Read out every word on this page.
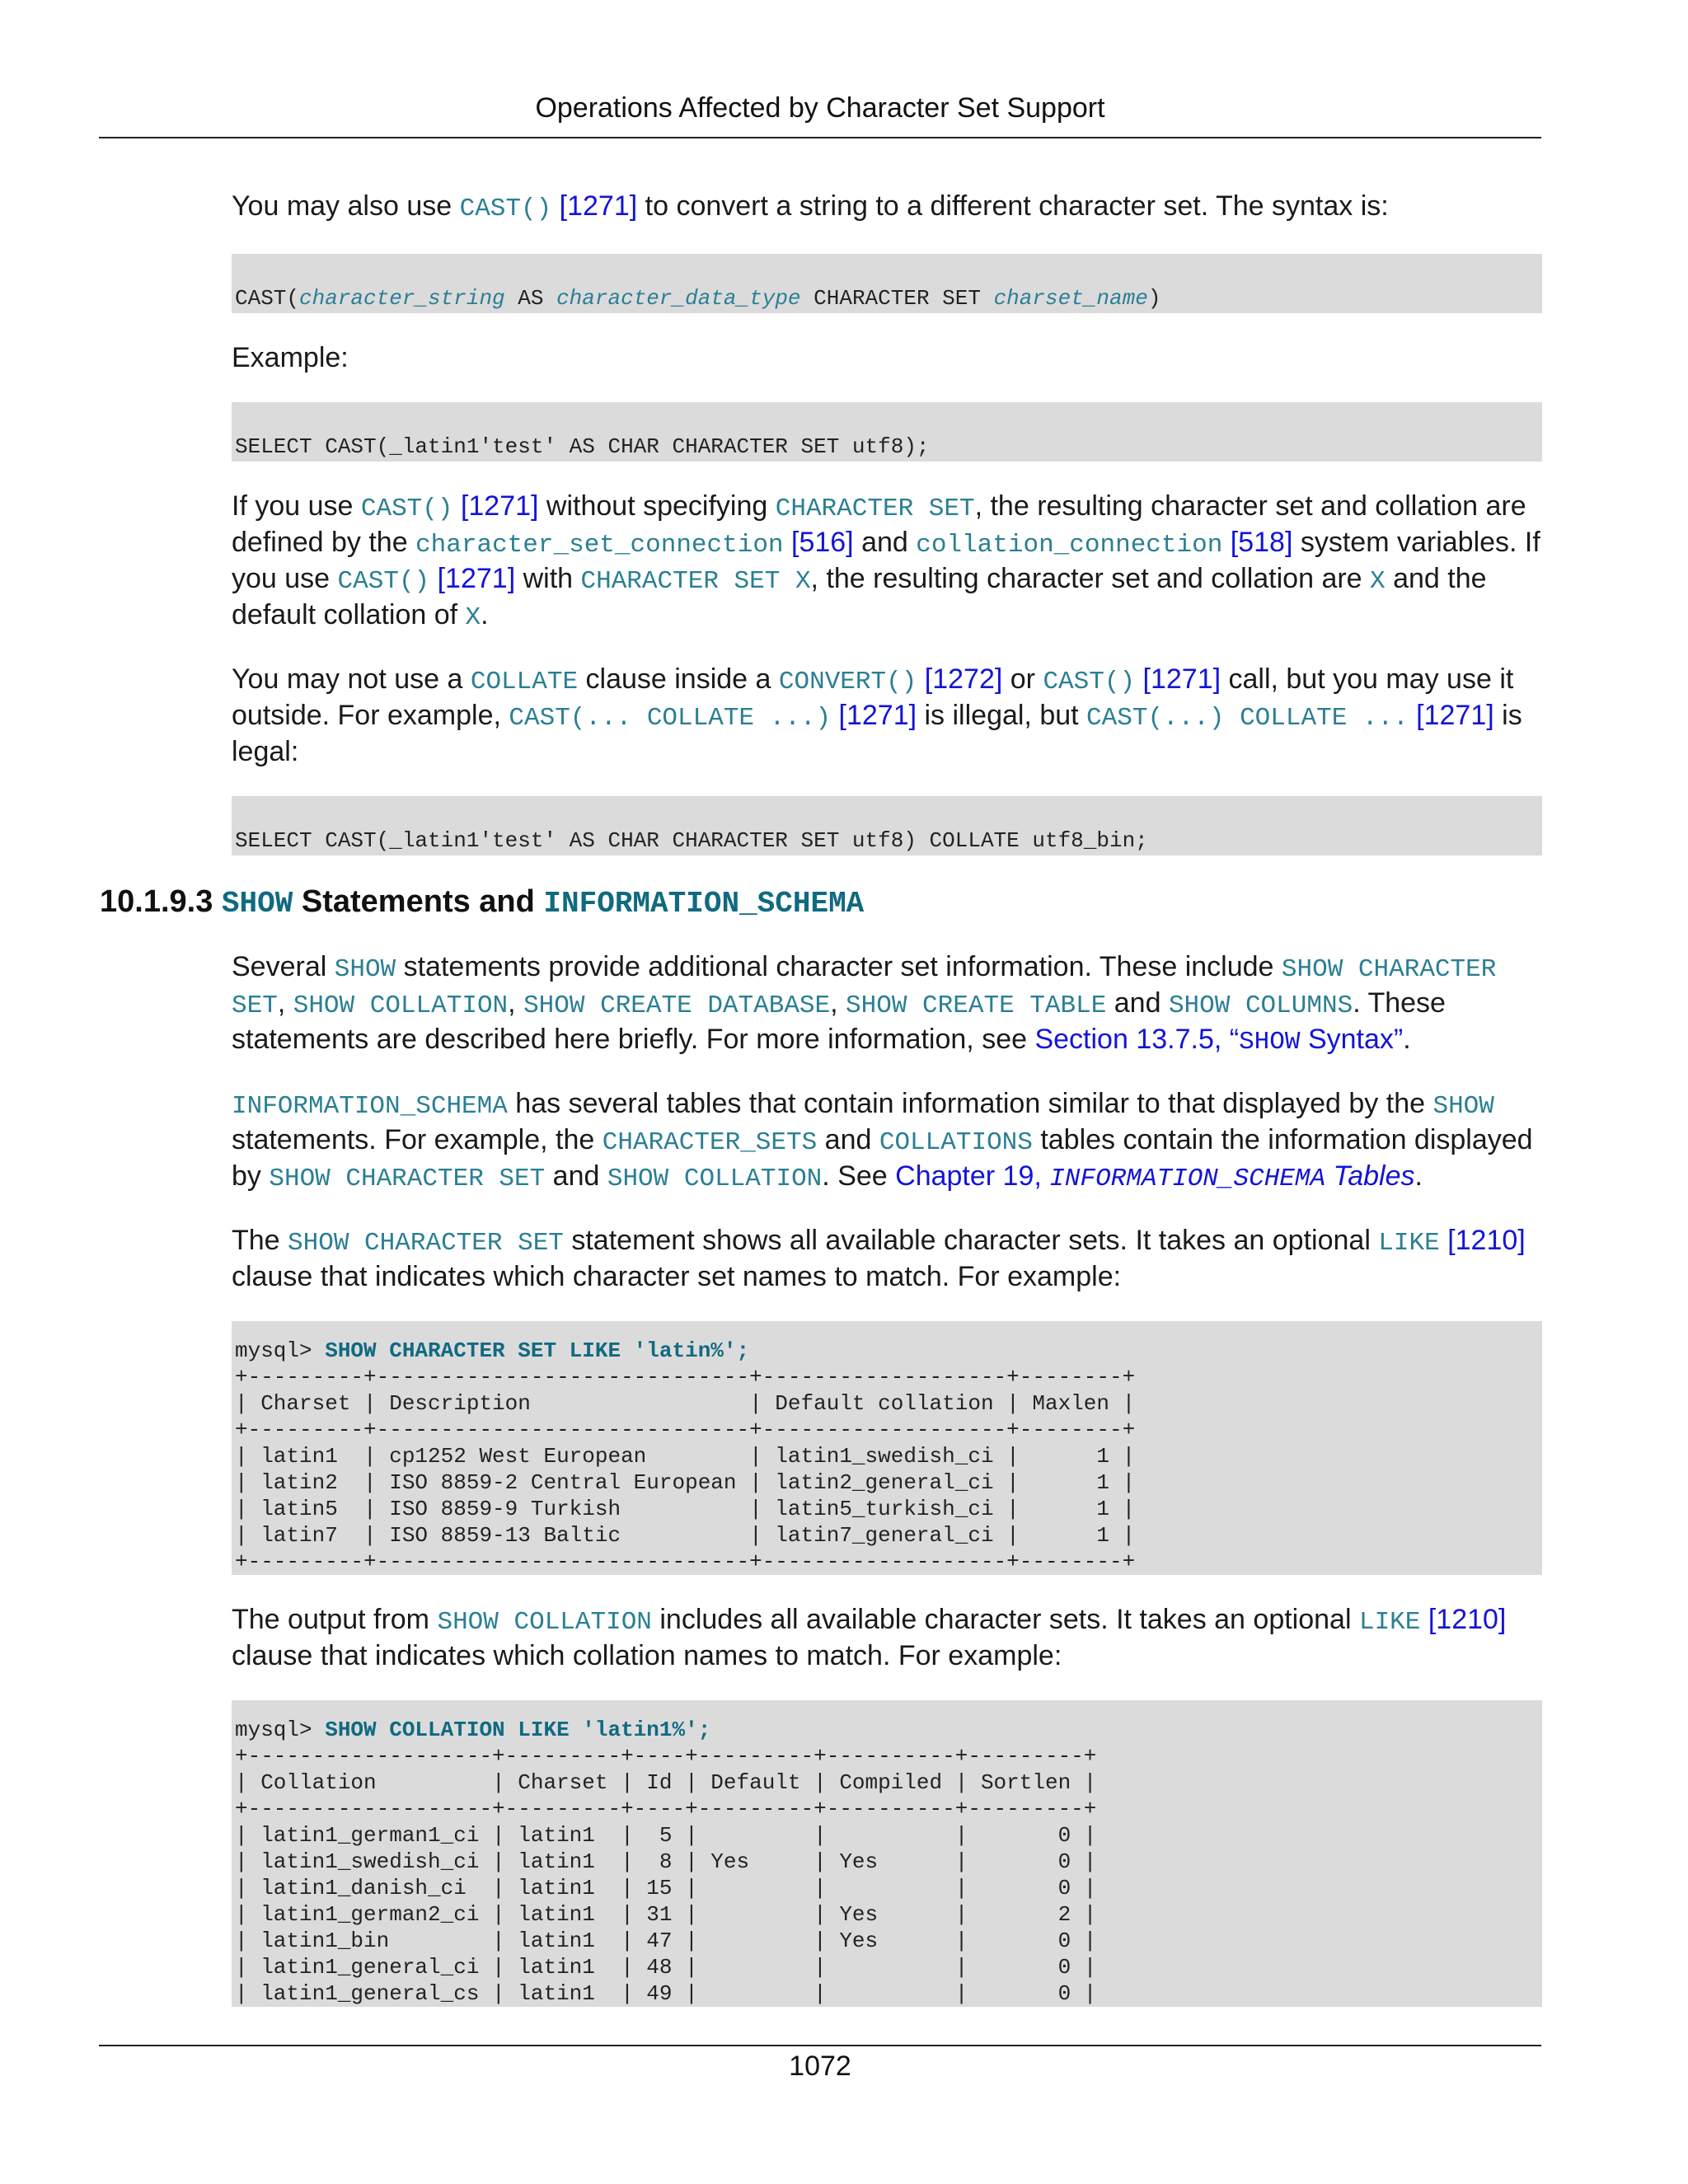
Operations Affected by Character Set Support

You may also use CAST() [1271] to convert a string to a different character set. The syntax is:

CAST(character_string AS character_data_type CHARACTER SET charset_name)

Example:

SELECT CAST(_latin1'test' AS CHAR CHARACTER SET utf8);

If you use CAST() [1271] without specifying CHARACTER SET, the resulting character set and collation are defined by the character_set_connection [516] and collation_connection [518] system variables. If you use CAST() [1271] with CHARACTER SET X, the resulting character set and collation are X and the default collation of X.

You may not use a COLLATE clause inside a CONVERT() [1272] or CAST() [1271] call, but you may use it outside. For example, CAST(... COLLATE ...) [1271] is illegal, but CAST(...) COLLATE ... [1271] is legal:

SELECT CAST(_latin1'test' AS CHAR CHARACTER SET utf8) COLLATE utf8_bin;
10.1.9.3 SHOW Statements and INFORMATION_SCHEMA

Several SHOW statements provide additional character set information. These include SHOW CHARACTER SET, SHOW COLLATION, SHOW CREATE DATABASE, SHOW CREATE TABLE and SHOW COLUMNS. These statements are described here briefly. For more information, see Section 13.7.5, “SHOW Syntax”.

INFORMATION_SCHEMA has several tables that contain information similar to that displayed by the SHOW statements. For example, the CHARACTER_SETS and COLLATIONS tables contain the information displayed by SHOW CHARACTER SET and SHOW COLLATION. See Chapter 19, INFORMATION_SCHEMA Tables.

The SHOW CHARACTER SET statement shows all available character sets. It takes an optional LIKE [1210] clause that indicates which character set names to match. For example:

mysql> SHOW CHARACTER SET LIKE 'latin%';
+---------+-----------------------------+-------------------+--------+
| Charset | Description                 | Default collation | Maxlen |
+---------+-----------------------------+-------------------+--------+
| latin1  | cp1252 West European        | latin1_swedish_ci |      1 |
| latin2  | ISO 8859-2 Central European | latin2_general_ci |      1 |
| latin5  | ISO 8859-9 Turkish          | latin5_turkish_ci |      1 |
| latin7  | ISO 8859-13 Baltic          | latin7_general_ci |      1 |
+---------+-----------------------------+-------------------+--------+

The output from SHOW COLLATION includes all available character sets. It takes an optional LIKE [1210] clause that indicates which collation names to match. For example:

mysql> SHOW COLLATION LIKE 'latin1%';
+-------------------+---------+----+---------+----------+---------+
| Collation         | Charset | Id | Default | Compiled | Sortlen |
+-------------------+---------+----+---------+----------+---------+
| latin1_german1_ci | latin1  |  5 |         |          |       0 |
| latin1_swedish_ci | latin1  |  8 | Yes     | Yes      |       0 |
| latin1_danish_ci  | latin1  | 15 |         |          |       0 |
| latin1_german2_ci | latin1  | 31 |         | Yes      |       2 |
| latin1_bin        | latin1  | 47 |         | Yes      |       0 |
| latin1_general_ci | latin1  | 48 |         |          |       0 |
| latin1_general_cs | latin1  | 49 |         |          |       0 |
1072
